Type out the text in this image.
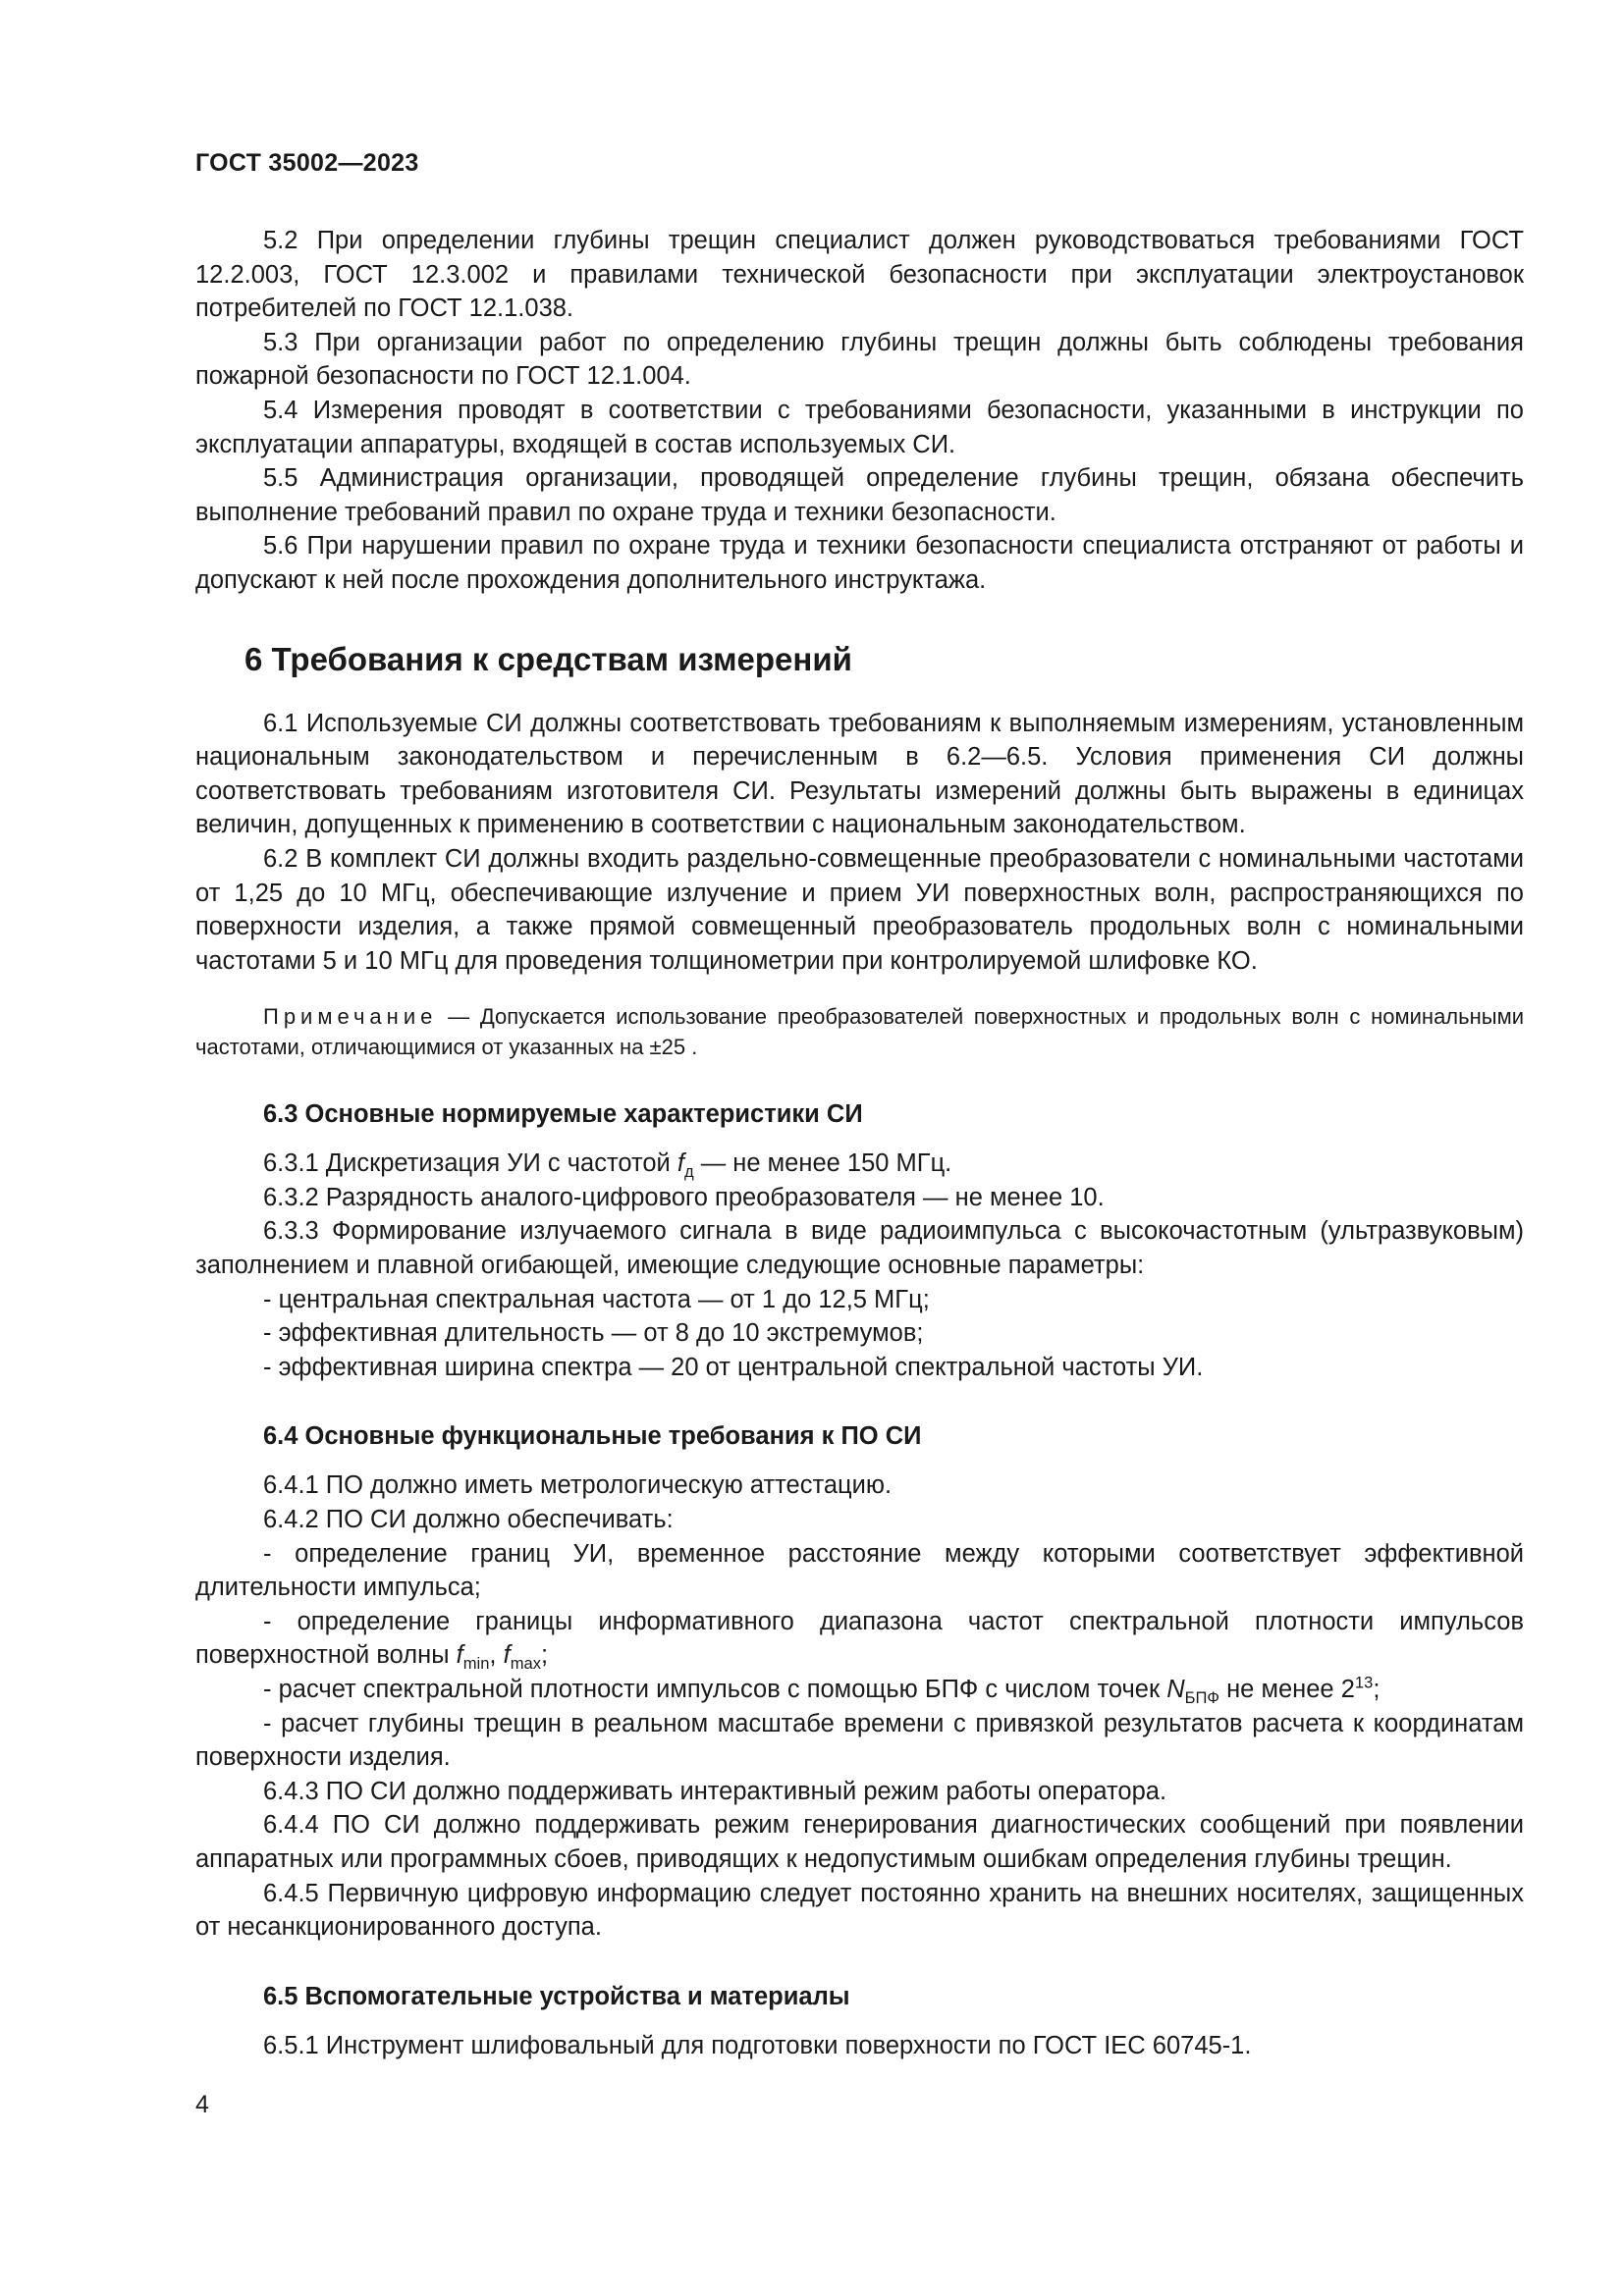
ГОСТ 35002—2023

5.2 При определении глубины трещин специалист должен руководствоваться требованиями ГОСТ 12.2.003, ГОСТ 12.3.002 и правилами технической безопасности при эксплуатации электроустановок потребителей по ГОСТ 12.1.038.

5.3 При организации работ по определению глубины трещин должны быть соблюдены требования пожарной безопасности по ГОСТ 12.1.004.

5.4 Измерения проводят в соответствии с требованиями безопасности, указанными в инструкции по эксплуатации аппаратуры, входящей в состав используемых СИ.

5.5 Администрация организации, проводящей определение глубины трещин, обязана обеспечить выполнение требований правил по охране труда и техники безопасности.

5.6 При нарушении правил по охране труда и техники безопасности специалиста отстраняют от работы и допускают к ней после прохождения дополнительного инструктажа.

6 Требования к средствам измерений

6.1 Используемые СИ должны соответствовать требованиям к выполняемым измерениям, установленным национальным законодательством и перечисленным в 6.2—6.5. Условия применения СИ должны соответствовать требованиям изготовителя СИ. Результаты измерений должны быть выражены в единицах величин, допущенных к применению в соответствии с национальным законодательством.

6.2 В комплект СИ должны входить раздельно-совмещенные преобразователи с номинальными частотами от 1,25 до 10 МГц, обеспечивающие излучение и прием УИ поверхностных волн, распространяющихся по поверхности изделия, а также прямой совмещенный преобразователь продольных волн с номинальными частотами 5 и 10 МГц для проведения толщинометрии при контролируемой шлифовке КО.

Примечание — Допускается использование преобразователей поверхностных и продольных волн с номинальными частотами, отличающимися от указанных на ±25 .

6.3 Основные нормируемые характеристики СИ

6.3.1 Дискретизация УИ с частотой $f_д$ — не менее 150 МГц.

6.3.2 Разрядность аналого-цифрового преобразователя — не менее 10.

6.3.3 Формирование излучаемого сигнала в виде радиоимпульса с высокочастотным (ультразвуковым) заполнением и плавной огибающей, имеющие следующие основные параметры:

- центральная спектральная частота — от 1 до 12,5 МГц;

- эффективная длительность — от 8 до 10 экстремумов;

- эффективная ширина спектра — 20 от центральной спектральной частоты УИ.

6.4 Основные функциональные требования к ПО СИ

6.4.1 ПО должно иметь метрологическую аттестацию.

6.4.2 ПО СИ должно обеспечивать:

- определение границ УИ, временное расстояние между которыми соответствует эффективной длительности импульса;

- определение границы информативного диапазона частот спектральной плотности импульсов поверхностной волны $f_{min}$, $f_{max}$;

- расчет спектральной плотности импульсов с помощью БПФ с числом точек $N_{БПФ}$ не менее $2^{13}$;

- расчет глубины трещин в реальном масштабе времени с привязкой результатов расчета к координатам поверхности изделия.

6.4.3 ПО СИ должно поддерживать интерактивный режим работы оператора.

6.4.4 ПО СИ должно поддерживать режим генерирования диагностических сообщений при появлении аппаратных или программных сбоев, приводящих к недопустимым ошибкам определения глубины трещин.

6.4.5 Первичную цифровую информацию следует постоянно хранить на внешних носителях, защищенных от несанкционированного доступа.

6.5 Вспомогательные устройства и материалы

6.5.1 Инструмент шлифовальный для подготовки поверхности по ГОСТ IEC 60745-1.

4
